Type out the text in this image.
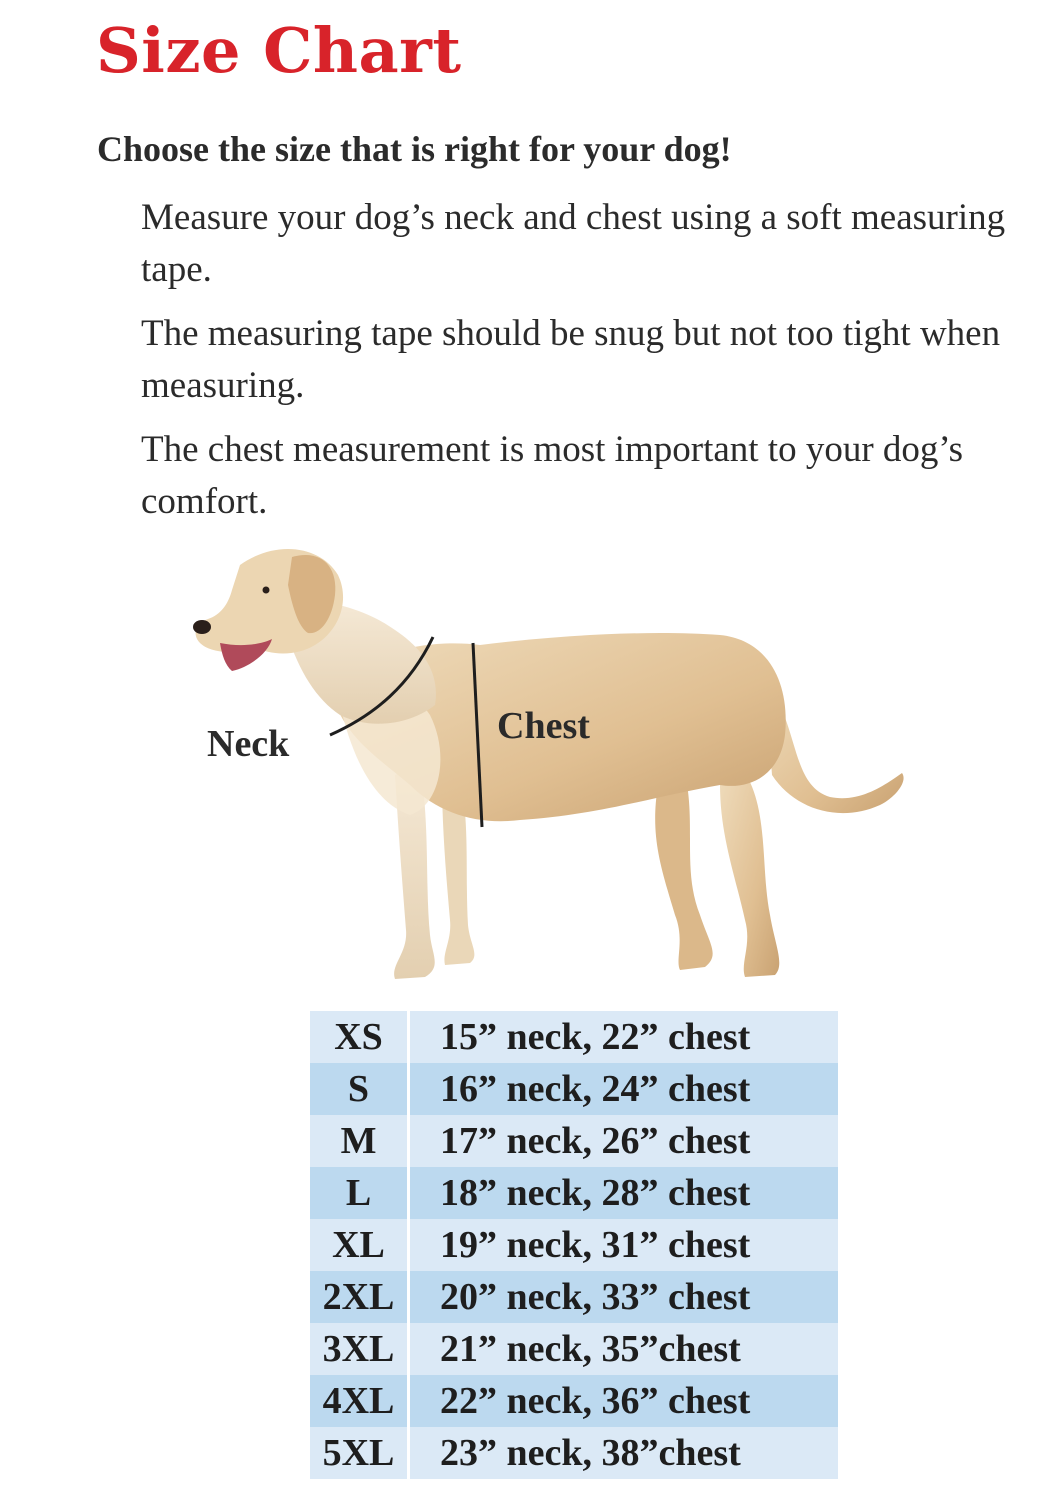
Size Chart
Choose the size that is right for your dog!

Measure your dog’s neck and chest using a soft measuring tape.

The measuring tape should be snug but not too tight when measuring.

The chest measurement is most important to your dog’s comfort.

Neck	Chest
XS	15” neck, 22” chest
S	16” neck, 24” chest
M	17” neck, 26” chest
L	18” neck, 28” chest
XL	19” neck, 31” chest
2XL	20” neck, 33” chest
3XL	21” neck, 35”chest
4XL	22” neck, 36” chest
5XL	23” neck, 38”chest
